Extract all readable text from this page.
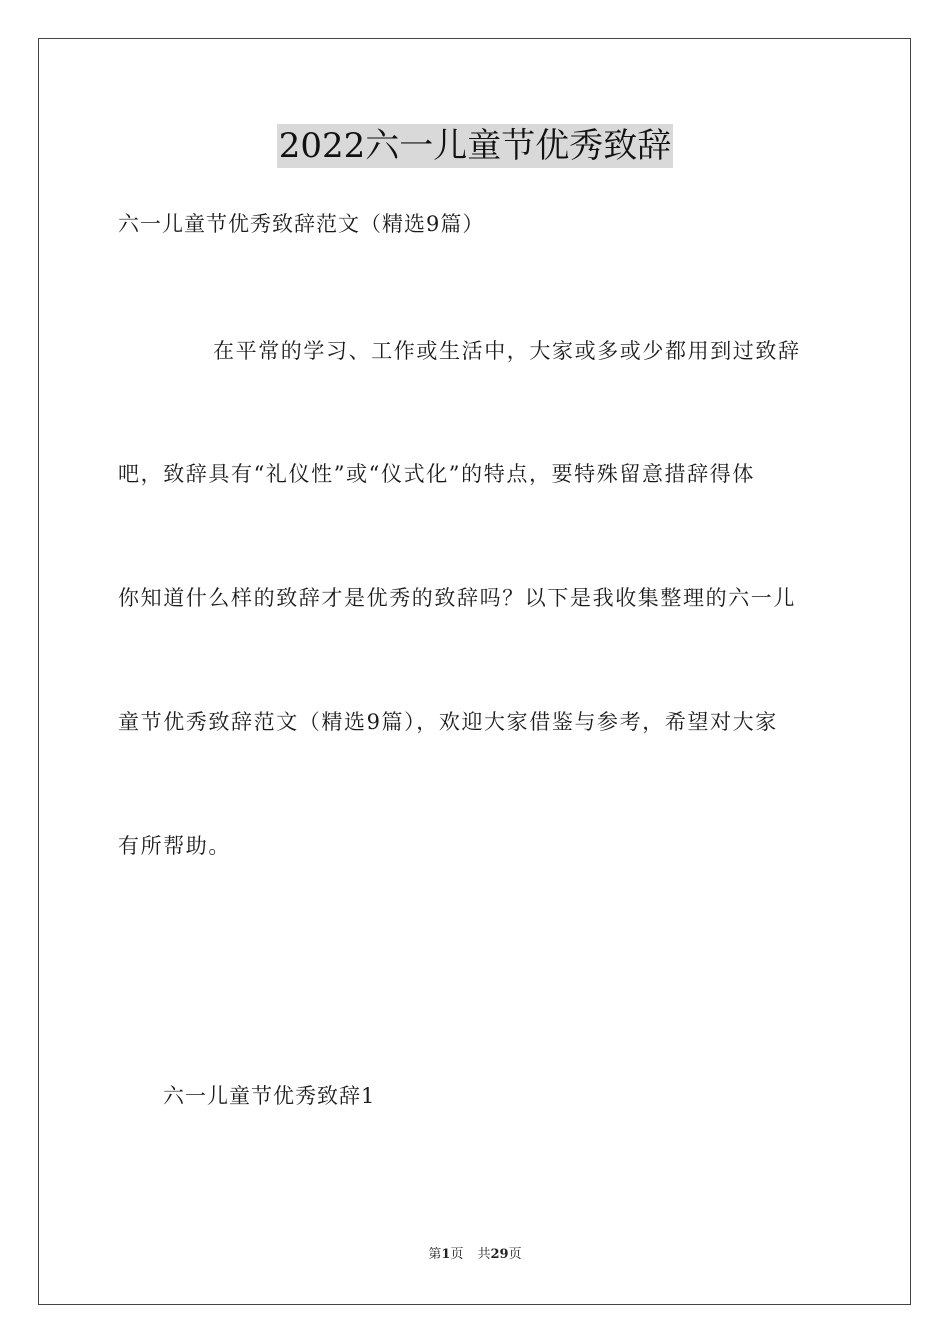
2022六一儿童节优秀致辞
六一儿童节优秀致辞范文（精选9篇）
在平常的学习、工作或生活中，大家或多或少都用到过致辞
吧，致辞具有“礼仪性”或“仪式化”的特点，要特殊留意措辞得体
你知道什么样的致辞才是优秀的致辞吗？以下是我收集整理的六一儿
童节优秀致辞范文（精选9篇），欢迎大家借鉴与参考，希望对大家
有所帮助。
六一儿童节优秀致辞1
第1页 共29页
